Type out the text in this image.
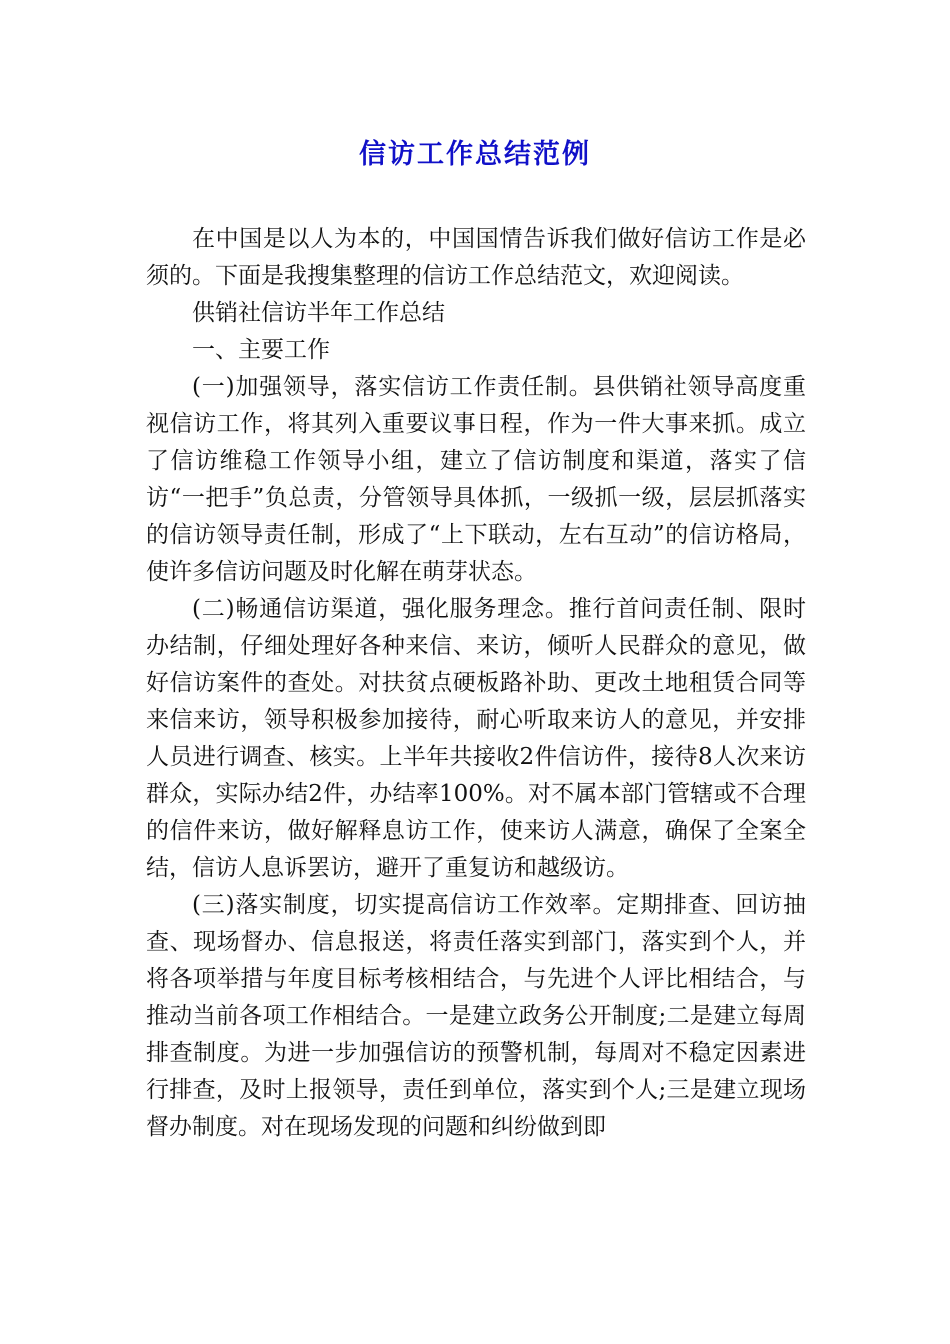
信访工作总结范例

在中国是以人为本的，中国国情告诉我们做好信访工作是必须的。下面是我搜集整理的信访工作总结范文，欢迎阅读。

供销社信访半年工作总结

一、主要工作

(一)加强领导，落实信访工作责任制。县供销社领导高度重视信访工作，将其列入重要议事日程，作为一件大事来抓。成立了信访维稳工作领导小组，建立了信访制度和渠道，落实了信访“一把手”负总责，分管领导具体抓，一级抓一级，层层抓落实的信访领导责任制，形成了“上下联动，左右互动”的信访格局，使许多信访问题及时化解在萌芽状态。

(二)畅通信访渠道，强化服务理念。推行首问责任制、限时办结制，仔细处理好各种来信、来访，倾听人民群众的意见，做好信访案件的查处。对扶贫点硬板路补助、更改土地租赁合同等来信来访，领导积极参加接待，耐心听取来访人的意见，并安排人员进行调查、核实。上半年共接收2件信访件，接待8人次来访群众，实际办结2件，办结率100%。对不属本部门管辖或不合理的信件来访，做好解释息访工作，使来访人满意，确保了全案全结，信访人息诉罢访，避开了重复访和越级访。

(三)落实制度，切实提高信访工作效率。定期排查、回访抽查、现场督办、信息报送，将责任落实到部门，落实到个人，并将各项举措与年度目标考核相结合，与先进个人评比相结合，与推动当前各项工作相结合。一是建立政务公开制度;二是建立每周排查制度。为进一步加强信访的预警机制，每周对不稳定因素进行排查，及时上报领导，责任到单位，落实到个人;三是建立现场督办制度。对在现场发现的问题和纠纷做到即
